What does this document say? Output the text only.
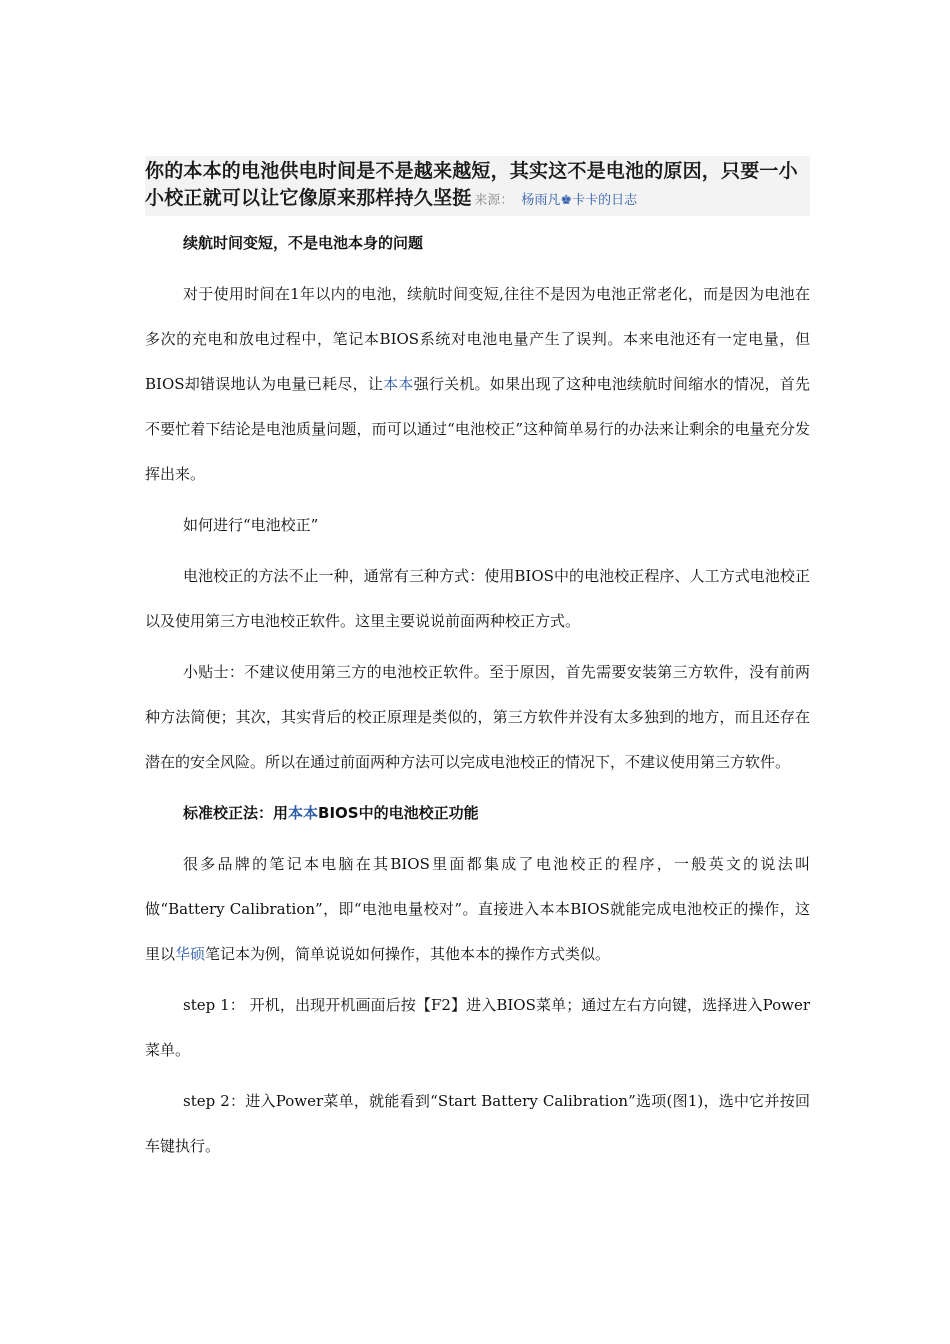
你的本本的电池供电时间是不是越来越短，其实这不是电池的原因，只要一小小校正就可以让它像原来那样持久坚挺 来源： 杨雨凡♚卡卡的日志

续航时间变短，不是电池本身的问题

对于使用时间在1年以内的电池，续航时间变短,往往不是因为电池正常老化，而是因为电池在多次的充电和放电过程中，笔记本BIOS系统对电池电量产生了误判。本来电池还有一定电量，但BIOS却错误地认为电量已耗尽，让本本强行关机。如果出现了这种电池续航时间缩水的情况，首先不要忙着下结论是电池质量问题，而可以通过“电池校正”这种简单易行的办法来让剩余的电量充分发挥出来。

如何进行“电池校正”

电池校正的方法不止一种，通常有三种方式：使用BIOS中的电池校正程序、人工方式电池校正以及使用第三方电池校正软件。这里主要说说前面两种校正方式。

小贴士：不建议使用第三方的电池校正软件。至于原因，首先需要安装第三方软件，没有前两种方法简便；其次，其实背后的校正原理是类似的，第三方软件并没有太多独到的地方，而且还存在潜在的安全风险。所以在通过前面两种方法可以完成电池校正的情况下，不建议使用第三方软件。

标准校正法：用本本BIOS中的电池校正功能

很多品牌的笔记本电脑在其BIOS里面都集成了电池校正的程序，一般英文的说法叫做“Battery Calibration”，即“电池电量校对”。直接进入本本BIOS就能完成电池校正的操作，这里以华硕笔记本为例，简单说说如何操作，其他本本的操作方式类似。

step 1： 开机，出现开机画面后按【F2】进入BIOS菜单；通过左右方向键，选择进入Power菜单。

step 2：进入Power菜单，就能看到“Start Battery Calibration”选项(图1)，选中它并按回车键执行。
